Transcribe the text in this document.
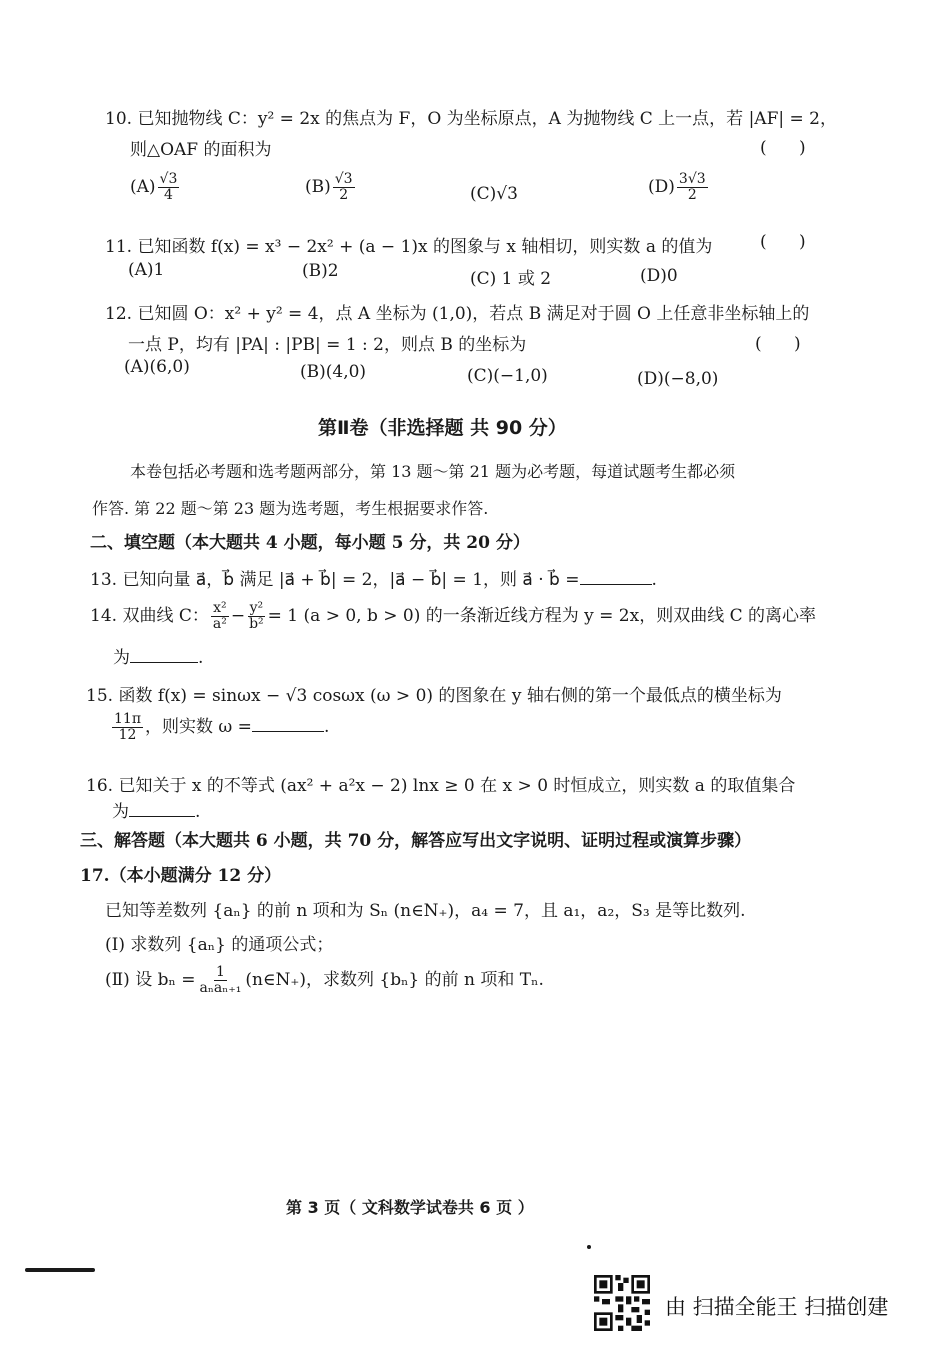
10. 已知抛物线 C：y² = 2x 的焦点为 F，O 为坐标原点，A 为抛物线 C 上一点，若 |AF| = 2，
则△OAF 的面积为	(      )
$(A) \frac{√3}{4}$	$(B) \frac{√3}{2}$	(C)√3	$(D) \frac{3√3}{2}$
11. 已知函数 f(x) = x³ − 2x² + (a − 1)x 的图象与 x 轴相切，则实数 a 的值为	(      )
(A)1	(B)2	(C) 1 或 2	(D)0
12. 已知圆 O：x² + y² = 4，点 A 坐标为 (1,0)，若点 B 满足对于圆 O 上任意非坐标轴上的
一点 P，均有 |PA| : |PB| = 1 : 2，则点 B 的坐标为	(      )
(A)(6,0)	(B)(4,0)	(C)(−1,0)	(D)(−8,0)
第Ⅱ卷（非选择题 共 90 分）
本卷包括必考题和选考题两部分，第 13 题～第 21 题为必考题，每道试题考生都必须
作答. 第 22 题～第 23 题为选考题，考生根据要求作答.
二、填空题（本大题共 4 小题，每小题 5 分，共 20 分）
13. 已知向量 a⃗，b⃗ 满足 |a⃗ + b⃗| = 2，|a⃗ − b⃗| = 1，则 a⃗ · b⃗ =	.
14. 双曲线 C： $\frac{\text{x²}}{\text{a²}} - \frac{\text{y²}}{\text{b²}} = 1$ (a > 0, b > 0) 的一条渐近线方程为 y = 2x，则双曲线 C 的离心率
为	.
15. 函数 f(x) = sinωx − √3 cosωx (ω > 0) 的图象在 y 轴右侧的第一个最低点的横坐标为
$\frac{11\pi}{12}$ ，则实数 ω =	.
16. 已知关于 x 的不等式 (ax² + a²x − 2) lnx ≥ 0 在 x > 0 时恒成立，则实数 a 的取值集合
为	.
三、解答题（本大题共 6 小题，共 70 分，解答应写出文字说明、证明过程或演算步骤）
17.（本小题满分 12 分）
已知等差数列 {aₙ} 的前 n 项和为 Sₙ (n∈N₊)，a₄ = 7，且 a₁，a₂，S₃ 是等比数列.
(Ⅰ) 求数列 {aₙ} 的通项公式；
(Ⅱ) 设 $b_n = \frac{1}{\text{aₙaₙ₊₁}}$ (n∈N₊)，求数列 {bₙ} 的前 n 项和 Tₙ.
第 3 页（ 文科数学试卷共 6 页 ）
由 扫描全能王 扫描创建
